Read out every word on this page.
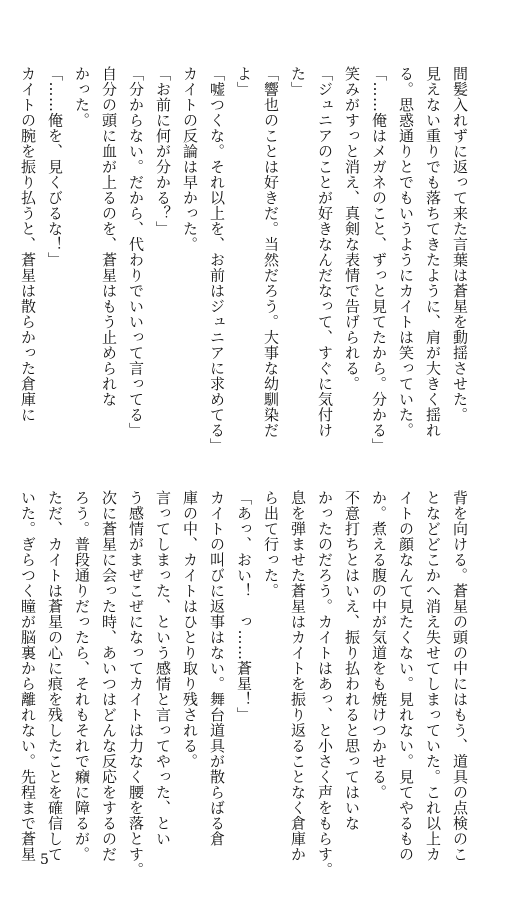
間髪入れずに返って来た言葉は蒼星を動揺させた。
見えない重りでも落ちてきたように、肩が大きく揺れ
る。思惑通りとでもいうようにカイトは笑っていた。
「……俺はメガネのこと、ずっと見てたから。分かる」
笑みがすっと消え、真剣な表情で告げられる。
「ジュニアのことが好きなんだなって、すぐに気付け
た」
「響也のことは好きだ。当然だろう。大事な幼馴染だ
よ」
「嘘つくな。それ以上を、お前はジュニアに求めてる」
カイトの反論は早かった。
「お前に何が分かる？」
「分からない。だから、代わりでいいって言ってる」
自分の頭に血が上るのを、蒼星はもう止められな
かった。
「……俺を、見くびるな！」
カイトの腕を振り払うと、蒼星は散らかった倉庫に
背を向ける。蒼星の頭の中にはもう、道具の点検のこ
となどどこかへ消え失せてしまっていた。これ以上カ
イトの顔なんて見たくない。見れない。見てやるもの
か。煮える腹の中が気道をも焼けつかせる。
不意打ちとはいえ、振り払われると思ってはいな
かったのだろう。カイトはあっ、と小さく声をもらす。
息を弾ませた蒼星はカイトを振り返ることなく倉庫か
ら出て行った。
「あっ、おい！　っ……蒼星！」
カイトの叫びに返事はない。舞台道具が散らばる倉
庫の中、カイトはひとり取り残される。
言ってしまった、という感情と言ってやった、とい
う感情がまぜこぜになってカイトは力なく腰を落とす。
次に蒼星に会った時、あいつはどんな反応をするのだ
ろう。普段通りだったら、それもそれで癪に障るが。
ただ、カイトは蒼星の心に痕を残したことを確信して
いた。ぎらつく瞳が脳裏から離れない。先程まで蒼星 5
